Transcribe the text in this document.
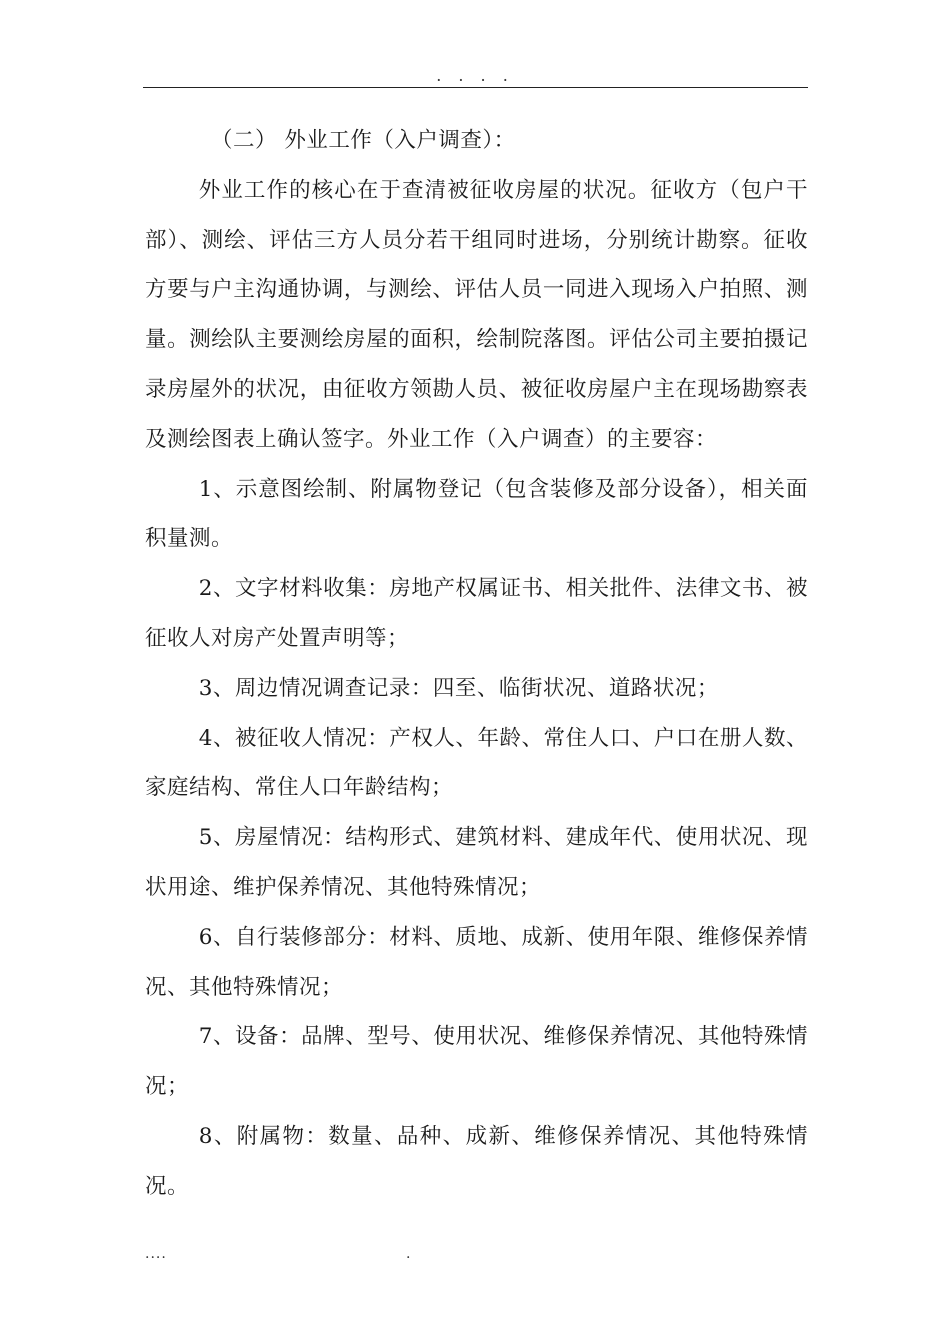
. . . .

（二） 外业工作（入户调查）：

外业工作的核心在于查清被征收房屋的状况。征收方（包户干部）、测绘、评估三方人员分若干组同时进场，分别统计勘察。征收方要与户主沟通协调，与测绘、评估人员一同进入现场入户拍照、测量。测绘队主要测绘房屋的面积，绘制院落图。评估公司主要拍摄记录房屋外的状况，由征收方领勘人员、被征收房屋户主在现场勘察表及测绘图表上确认签字。外业工作（入户调查）的主要容：

1、示意图绘制、附属物登记（包含装修及部分设备），相关面积量测。

2、文字材料收集：房地产权属证书、相关批件、法律文书、被征收人对房产处置声明等；

3、周边情况调查记录：四至、临街状况、道路状况；

4、被征收人情况：产权人、年龄、常住人口、户口在册人数、家庭结构、常住人口年龄结构；

5、房屋情况：结构形式、建筑材料、建成年代、使用状况、现状用途、维护保养情况、其他特殊情况；

6、自行装修部分：材料、质地、成新、使用年限、维修保养情况、其他特殊情况；

7、设备：品牌、型号、使用状况、维修保养情况、其他特殊情况；

8、附属物：数量、品种、成新、维修保养情况、其他特殊情况。

....	.
